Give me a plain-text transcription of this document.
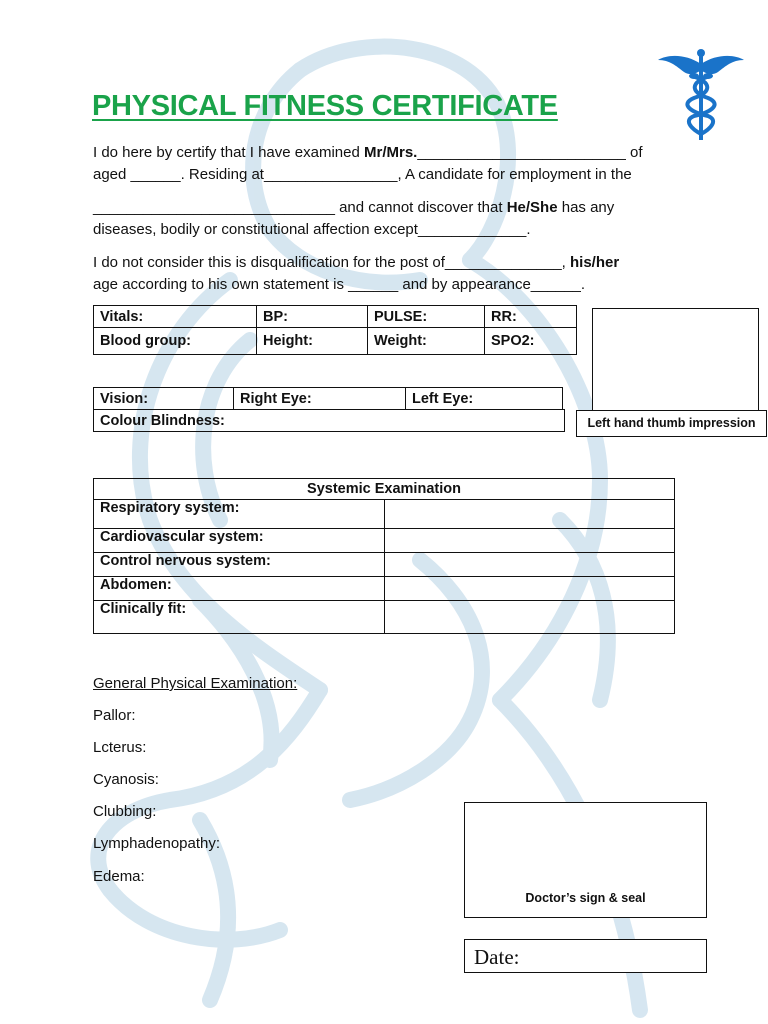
PHYSICAL FITNESS CERTIFICATE
I do here by certify that I have examined Mr/Mrs._________________________ of
aged ______. Residing at________________, A candidate for employment in the
_____________________________ and cannot discover that He/She has any
diseases, bodily or constitutional affection except_____________.
I do not consider this is disqualification for the post of______________, his/her
age according to his own statement is ______ and by appearance______.
Vitals:	BP:	PULSE:	RR:
Blood group:	Height:	Weight:	SPO2:
Left hand thumb impression
Vision:	Right Eye:	Left Eye:
Colour Blindness:
Systemic Examination	
Respiratory system:	
Cardiovascular system:	
Control nervous system:	
Abdomen:	
Clinically fit:	
General Physical Examination:
Pallor:
Lcterus:
Cyanosis:
Clubbing:
Lymphadenopathy:
Edema:
Doctor’s sign & seal
Date:
